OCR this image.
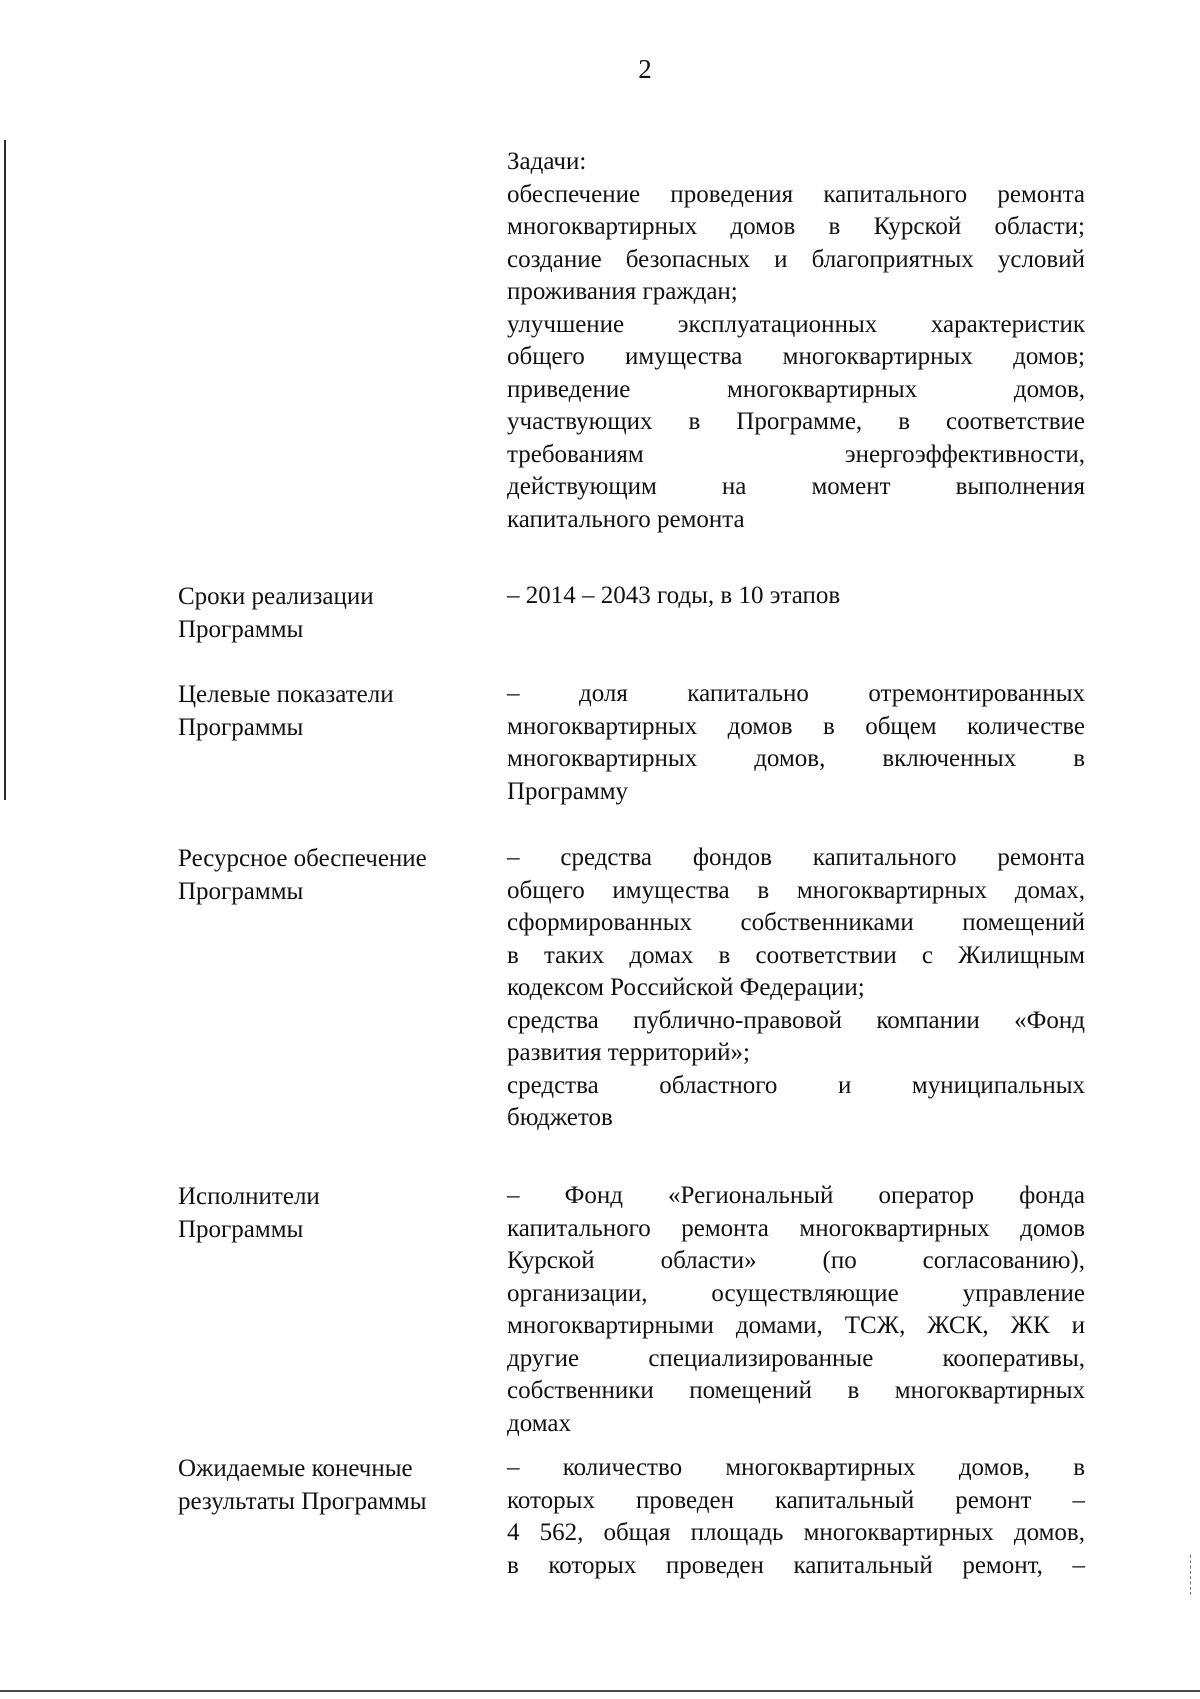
2
Задачи:
обеспечение проведения капитального ремонта
многоквартирных домов в Курской области;
создание безопасных и благоприятных условий
проживания граждан;
улучшение эксплуатационных характеристик
общего имущества многоквартирных домов;
приведение многоквартирных домов,
участвующих в Программе, в соответствие
требованиям энергоэффективности,
действующим на момент выполнения
капитального ремонта
Сроки реализации
Программы
– 2014 – 2043 годы, в 10 этапов
Целевые показатели
Программы
– доля капитально отремонтированных
многоквартирных домов в общем количестве
многоквартирных домов, включенных в
Программу
Ресурсное обеспечение
Программы
– средства фондов капитального ремонта
общего имущества в многоквартирных домах,
сформированных собственниками помещений
в таких домах в соответствии с Жилищным
кодексом Российской Федерации;
средства публично-правовой компании «Фонд
развития территорий»;
средства областного и муниципальных
бюджетов
Исполнители
Программы
– Фонд «Региональный оператор фонда
капитального ремонта многоквартирных домов
Курской области» (по согласованию),
организации, осуществляющие управление
многоквартирными домами, ТСЖ, ЖСК, ЖК и
другие специализированные кооперативы,
собственники помещений в многоквартирных
домах
Ожидаемые конечные
результаты Программы
– количество многоквартирных домов, в
которых проведен капитальный ремонт –
4 562, общая площадь многоквартирных домов,
в которых проведен капитальный ремонт, –
